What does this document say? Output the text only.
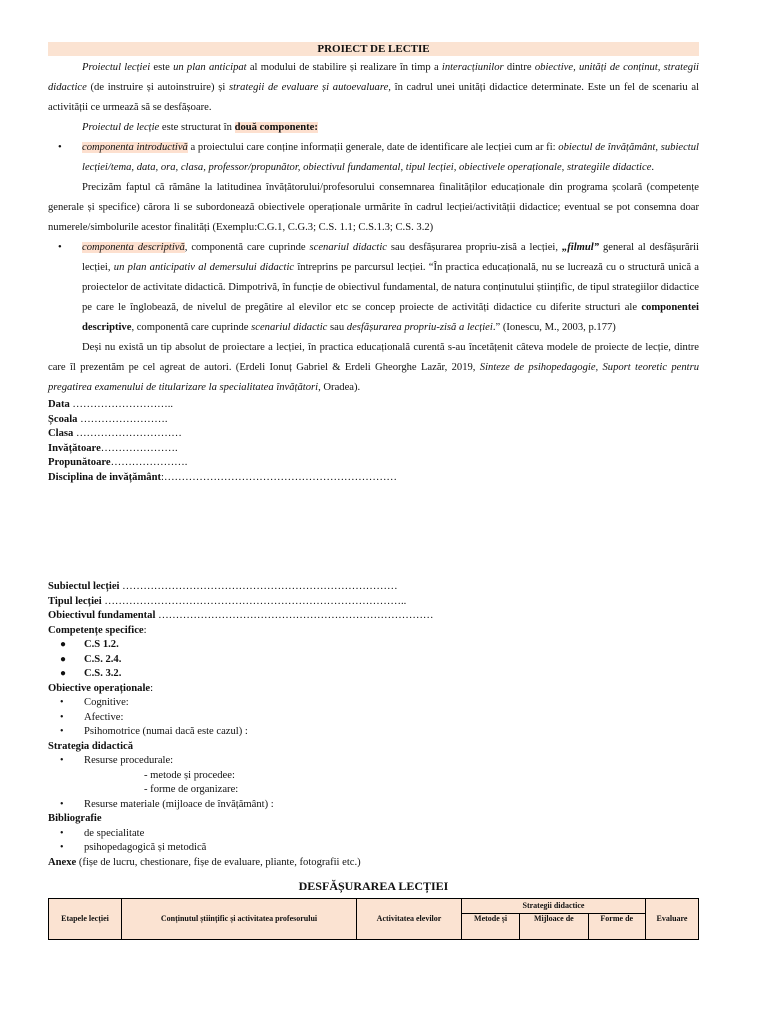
PROIECT DE LECTIE

Proiectul lecției este un plan anticipat al modului de stabilire și realizare în timp a interacțiunilor dintre obiective, unități de conținut, strategii didactice (de instruire și autoinstruire) și strategii de evaluare și autoevaluare, în cadrul unei unități didactice determinate. Este un fel de scenariu al activității ce urmează să se desfășoare.

Proiectul de lecție este structurat în două componente:

• componenta introductivă a proiectului care conține informații generale, date de identificare ale lecției cum ar fi: obiectul de învățământ, subiectul lecției/tema, data, ora, clasa, professor/propunător, obiectivul fundamental, tipul lecției, obiectivele operaționale, strategiile didactice.

Precizăm faptul că rămâne la latitudinea învățătorului/profesorului consemnarea finalităților educaționale din programa școlară (competențe generale și specifice) cărora li se subordonează obiectivele operaționale urmărite în cadrul lecției/activității didactice; eventual se pot consemna doar numerele/simbolurile acestor finalități (Exemplu:C.G.1, C.G.3; C.S. 1.1; C.S.1.3; C.S. 3.2)

• componenta descriptivă, componentă care cuprinde scenariul didactic sau desfășurarea propriu-zisă a lecției, „filmul” general al desfășurării lecției, un plan anticipativ al demersului didactic întreprins pe parcursul lecției. “În practica educațională, nu se lucrează cu o structură unică a proiectelor de activitate didactică. Dimpotrivă, în funcție de obiectivul fundamental, de natura conținutului științific, de tipul strategiilor didactice pe care le înglobează, de nivelul de pregătire al elevilor etc se concep proiecte de activități didactice cu diferite structuri ale componentei descriptive, componentă care cuprinde scenariul didactic sau desfășurarea propriu-zisă a lecției.” (Ionescu, M., 2003, p.177)

Deși nu există un tip absolut de proiectare a lecției, în practica educațională curentă s-au încetățenit câteva modele de proiecte de lecție, dintre care îl prezentăm pe cel agreat de autori. (Erdeli Ionuț Gabriel & Erdeli Gheorghe Lazăr, 2019, Sinteze de psihopedagogie, Suport teoretic pentru pregatirea examenului de titularizare la specialitatea învățători, Oradea).

Data ………………………..
Școala …………………….
Clasa …………………………
Invățătoare………………….
Propunătoare………………….
Disciplina de invățământ:…………………………………………………………
Subiectul lecției ……………………………………………………………………
Tipul lecției …………………………………………………………………………..
Obiectivul fundamental ……………………………………………………………………
Competențe specifice:
● C.S 1.2.
● C.S. 2.4.
● C.S. 3.2.
Obiective operaționale:
• Cognitive:
• Afective:
• Psihomotrice (numai dacă este cazul) :
Strategia didactică
• Resurse procedurale:
- metode și procedee:
- forme de organizare:
• Resurse materiale (mijloace de învățământ) :
Bibliografie
• de specialitate
• psihopedagogică și metodică
Anexe (fișe de lucru, chestionare, fișe de evaluare, pliante, fotografii etc.)
DESFĂȘURAREA LECȚIEI
Etapele lecției	Conținutul științific și activitatea profesorului	Activitatea elevilor	Strategii didactice			Evaluare
			Metode și	Mijloace de	Forme de	
